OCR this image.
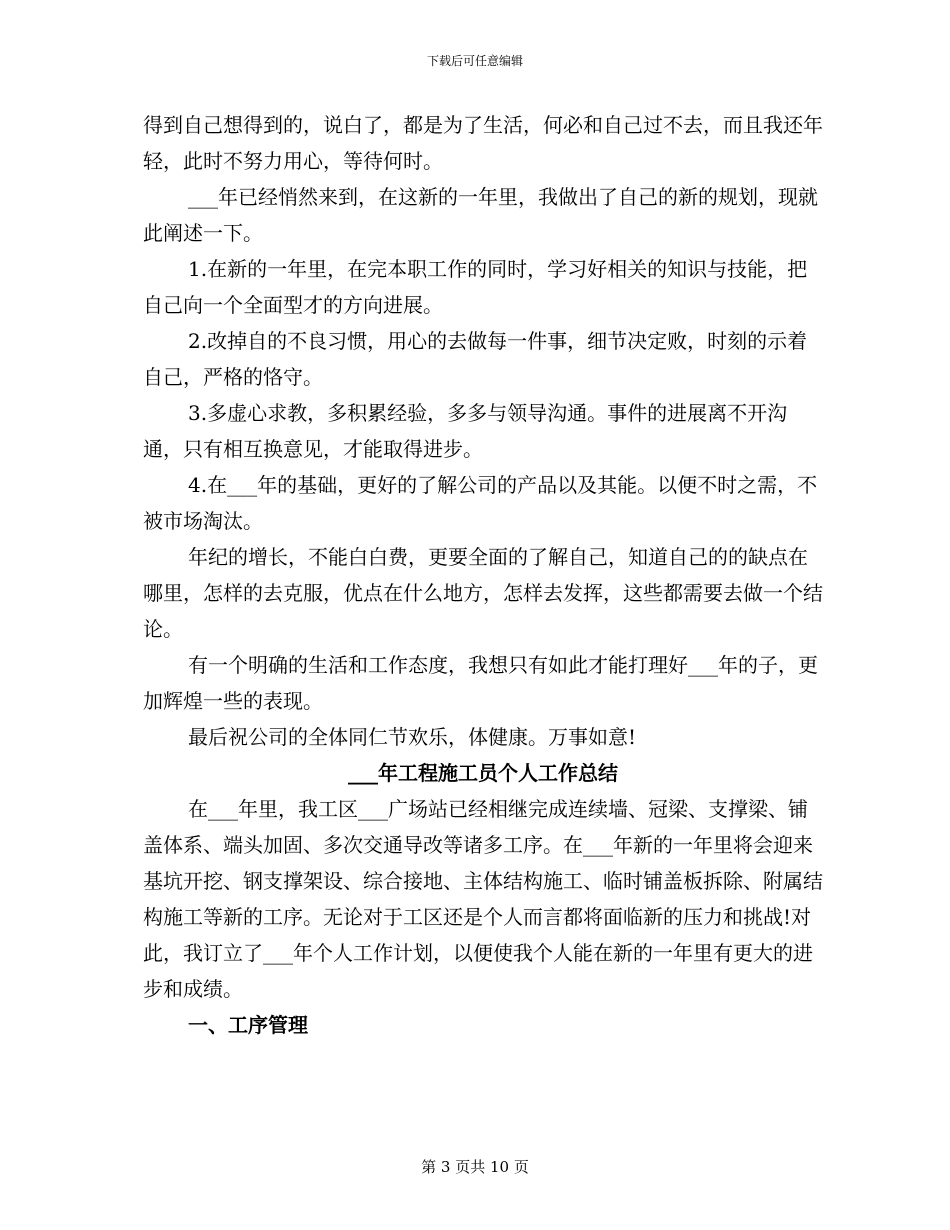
下载后可任意编辑

得到自己想得到的，说白了，都是为了生活，何必和自己过不去，而且我还年轻，此时不努力用心，等待何时。

___年已经悄然来到，在这新的一年里，我做出了自己的新的规划，现就此阐述一下。

1.在新的一年里，在完本职工作的同时，学习好相关的知识与技能，把自己向一个全面型才的方向进展。

2.改掉自的不良习惯，用心的去做每一件事，细节决定败，时刻的示着自己，严格的恪守。

3.多虚心求教，多积累经验，多多与领导沟通。事件的进展离不开沟通，只有相互换意见，才能取得进步。

4.在___年的基础，更好的了解公司的产品以及其能。以便不时之需，不被市场淘汰。

年纪的增长，不能白白费，更要全面的了解自己，知道自己的的缺点在哪里，怎样的去克服，优点在什么地方，怎样去发挥，这些都需要去做一个结论。

有一个明确的生活和工作态度，我想只有如此才能打理好___年的子，更加辉煌一些的表现。

最后祝公司的全体同仁节欢乐，体健康。万事如意!

___年工程施工员个人工作总结

在___年里，我工区___广场站已经相继完成连续墙、冠梁、支撑梁、铺盖体系、端头加固、多次交通导改等诸多工序。在___年新的一年里将会迎来基坑开挖、钢支撑架设、综合接地、主体结构施工、临时铺盖板拆除、附属结构施工等新的工序。无论对于工区还是个人而言都将面临新的压力和挑战!对此，我订立了___年个人工作计划，以便使我个人能在新的一年里有更大的进步和成绩。

一、工序管理

第 3 页共 10 页
